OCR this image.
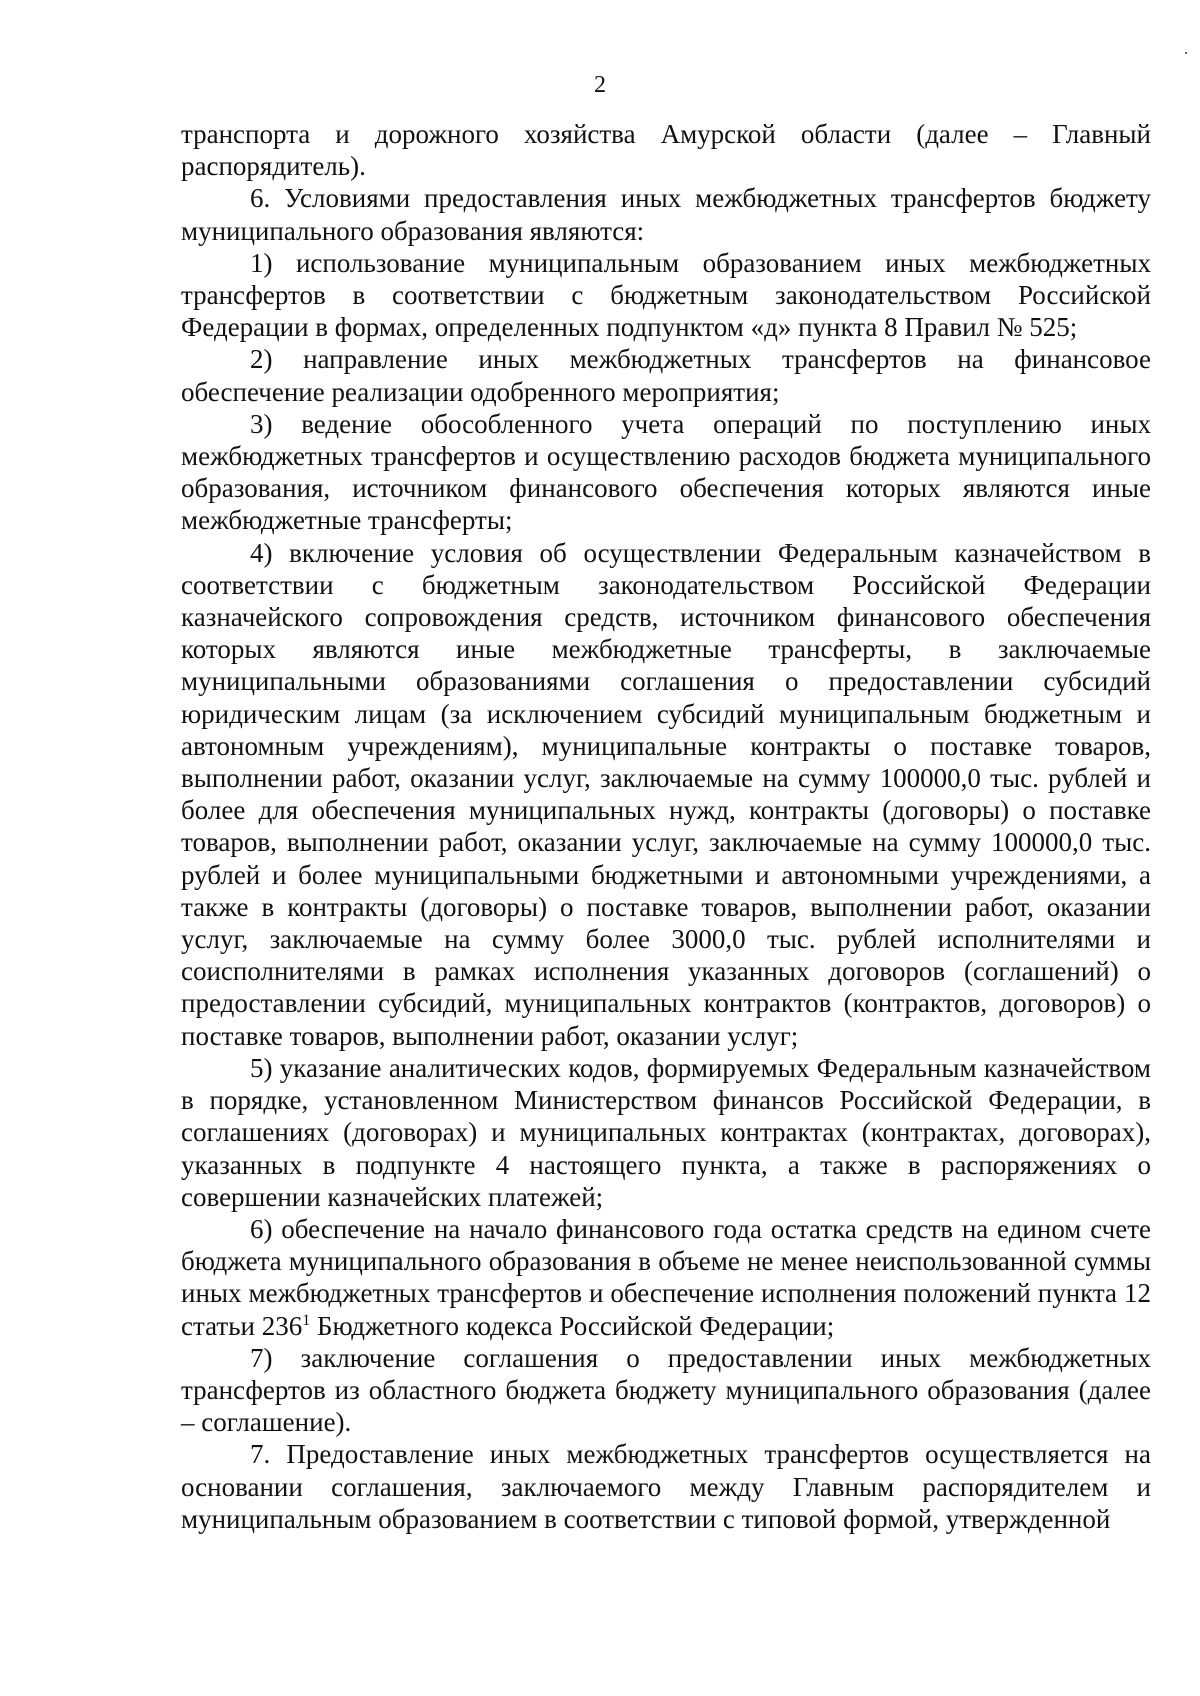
2

транспорта и дорожного хозяйства Амурской области (далее – Главный распорядитель).

6. Условиями предоставления иных межбюджетных трансфертов бюджету муниципального образования являются:

1) использование муниципальным образованием иных межбюджетных трансфертов в соответствии с бюджетным законодательством Российской Федерации в формах, определенных подпунктом «д» пункта 8 Правил № 525;

2) направление иных межбюджетных трансфертов на финансовое обеспечение реализации одобренного мероприятия;

3) ведение обособленного учета операций по поступлению иных межбюджетных трансфертов и осуществлению расходов бюджета муниципального образования, источником финансового обеспечения которых являются иные межбюджетные трансферты;

4) включение условия об осуществлении Федеральным казначейством в соответствии с бюджетным законодательством Российской Федерации казначейского сопровождения средств, источником финансового обеспечения которых являются иные межбюджетные трансферты, в заключаемые муниципальными образованиями соглашения о предоставлении субсидий юридическим лицам (за исключением субсидий муниципальным бюджетным и автономным учреждениям), муниципальные контракты о поставке товаров, выполнении работ, оказании услуг, заключаемые на сумму 100000,0 тыс. рублей и более для обеспечения муниципальных нужд, контракты (договоры) о поставке товаров, выполнении работ, оказании услуг, заключаемые на сумму 100000,0 тыс. рублей и более муниципальными бюджетными и автономными учреждениями, а также в контракты (договоры) о поставке товаров, выполнении работ, оказании услуг, заключаемые на сумму более 3000,0 тыс. рублей исполнителями и соисполнителями в рамках исполнения указанных договоров (соглашений) о предоставлении субсидий, муниципальных контрактов (контрактов, договоров) о поставке товаров, выполнении работ, оказании услуг;

5) указание аналитических кодов, формируемых Федеральным казначейством в порядке, установленном Министерством финансов Российской Федерации, в соглашениях (договорах) и муниципальных контрактах (контрактах, договорах), указанных в подпункте 4 настоящего пункта, а также в распоряжениях о совершении казначейских платежей;

6) обеспечение на начало финансового года остатка средств на едином счете бюджета муниципального образования в объеме не менее неиспользованной суммы иных межбюджетных трансфертов и обеспечение исполнения положений пункта 12 статьи $236^1$ Бюджетного кодекса Российской Федерации;

7) заключение соглашения о предоставлении иных межбюджетных трансфертов из областного бюджета бюджету муниципального образования (далее – соглашение).

7. Предоставление иных межбюджетных трансфертов осуществляется на основании соглашения, заключаемого между Главным распорядителем и муниципальным образованием в соответствии с типовой формой, утвержденной
